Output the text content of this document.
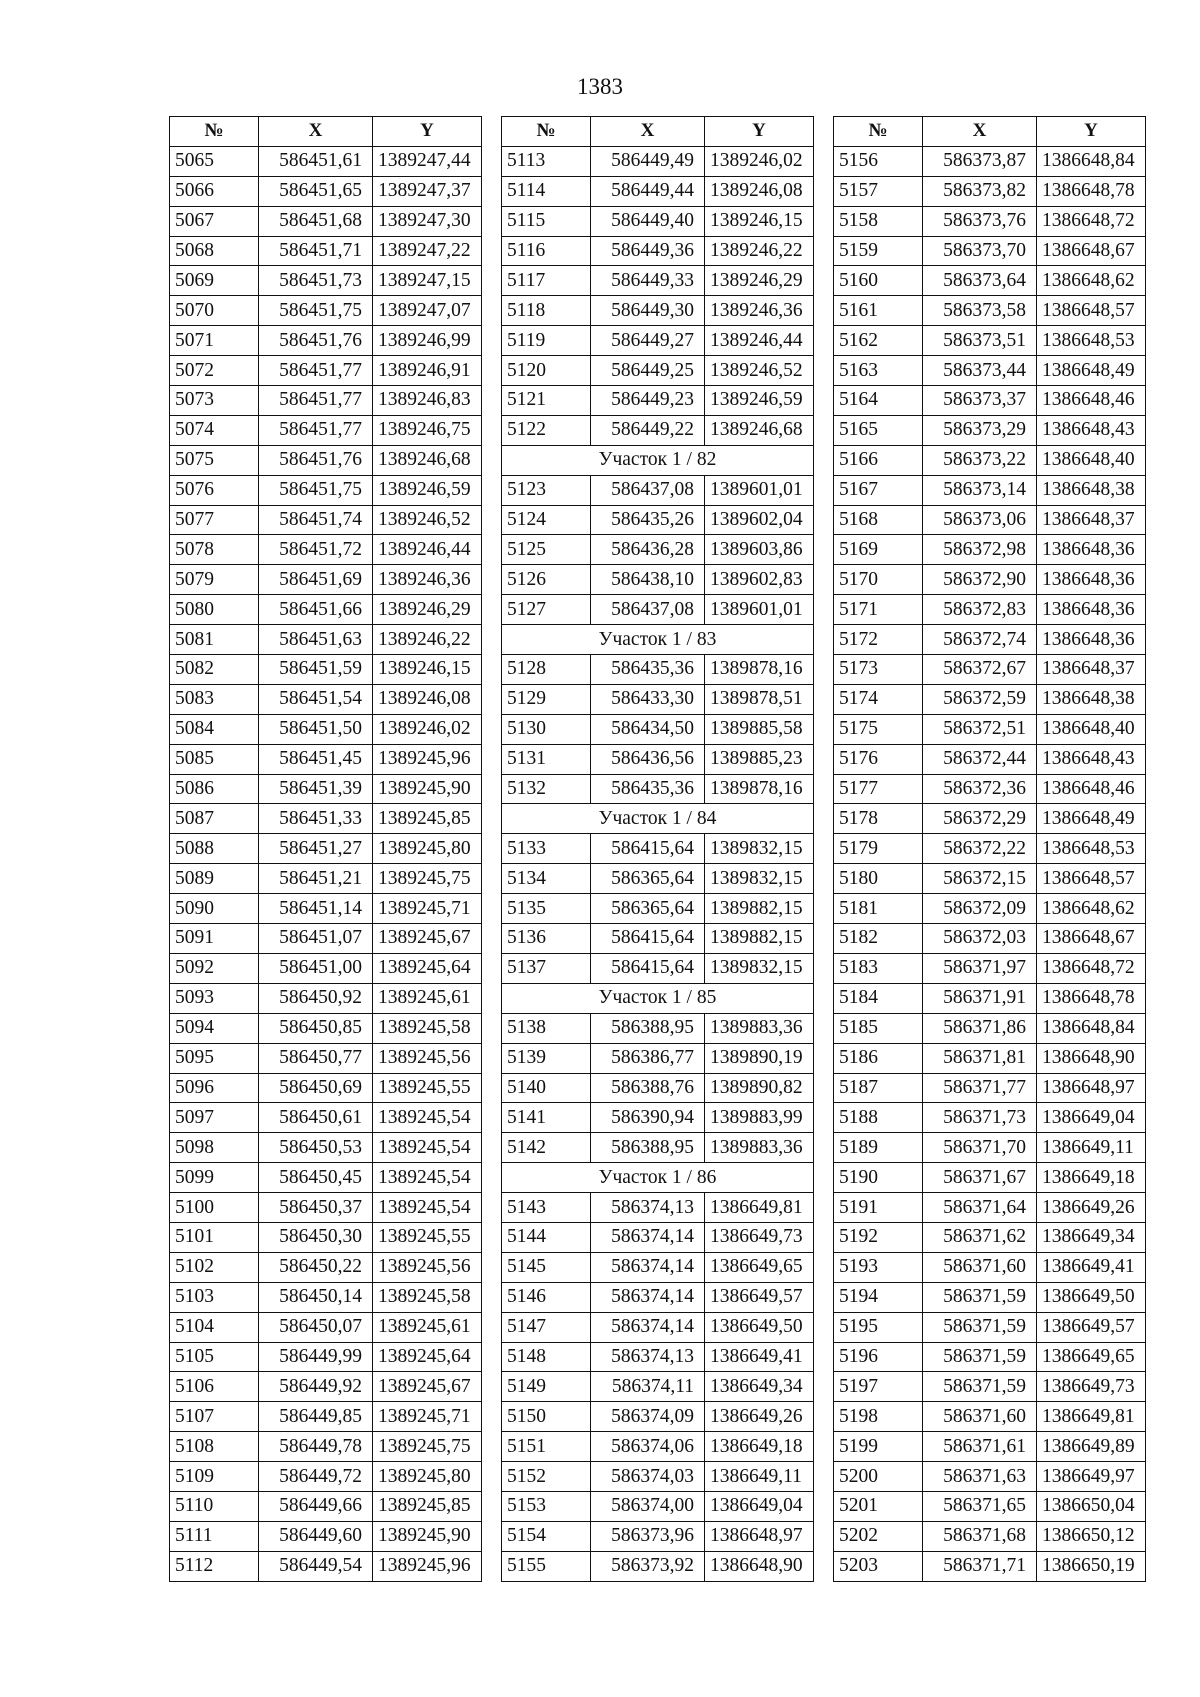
1383
№	X	Y
5065	586451,61	1389247,44
5066	586451,65	1389247,37
5067	586451,68	1389247,30
5068	586451,71	1389247,22
5069	586451,73	1389247,15
5070	586451,75	1389247,07
5071	586451,76	1389246,99
5072	586451,77	1389246,91
5073	586451,77	1389246,83
5074	586451,77	1389246,75
5075	586451,76	1389246,68
5076	586451,75	1389246,59
5077	586451,74	1389246,52
5078	586451,72	1389246,44
5079	586451,69	1389246,36
5080	586451,66	1389246,29
5081	586451,63	1389246,22
5082	586451,59	1389246,15
5083	586451,54	1389246,08
5084	586451,50	1389246,02
5085	586451,45	1389245,96
5086	586451,39	1389245,90
5087	586451,33	1389245,85
5088	586451,27	1389245,80
5089	586451,21	1389245,75
5090	586451,14	1389245,71
5091	586451,07	1389245,67
5092	586451,00	1389245,64
5093	586450,92	1389245,61
5094	586450,85	1389245,58
5095	586450,77	1389245,56
5096	586450,69	1389245,55
5097	586450,61	1389245,54
5098	586450,53	1389245,54
5099	586450,45	1389245,54
5100	586450,37	1389245,54
5101	586450,30	1389245,55
5102	586450,22	1389245,56
5103	586450,14	1389245,58
5104	586450,07	1389245,61
5105	586449,99	1389245,64
5106	586449,92	1389245,67
5107	586449,85	1389245,71
5108	586449,78	1389245,75
5109	586449,72	1389245,80
5110	586449,66	1389245,85
5111	586449,60	1389245,90
5112	586449,54	1389245,96
№	X	Y
5113	586449,49	1389246,02
5114	586449,44	1389246,08
5115	586449,40	1389246,15
5116	586449,36	1389246,22
5117	586449,33	1389246,29
5118	586449,30	1389246,36
5119	586449,27	1389246,44
5120	586449,25	1389246,52
5121	586449,23	1389246,59
5122	586449,22	1389246,68
Участок 1 / 82		
5123	586437,08	1389601,01
5124	586435,26	1389602,04
5125	586436,28	1389603,86
5126	586438,10	1389602,83
5127	586437,08	1389601,01
Участок 1 / 83		
5128	586435,36	1389878,16
5129	586433,30	1389878,51
5130	586434,50	1389885,58
5131	586436,56	1389885,23
5132	586435,36	1389878,16
Участок 1 / 84		
5133	586415,64	1389832,15
5134	586365,64	1389832,15
5135	586365,64	1389882,15
5136	586415,64	1389882,15
5137	586415,64	1389832,15
Участок 1 / 85		
5138	586388,95	1389883,36
5139	586386,77	1389890,19
5140	586388,76	1389890,82
5141	586390,94	1389883,99
5142	586388,95	1389883,36
Участок 1 / 86		
5143	586374,13	1386649,81
5144	586374,14	1386649,73
5145	586374,14	1386649,65
5146	586374,14	1386649,57
5147	586374,14	1386649,50
5148	586374,13	1386649,41
5149	586374,11	1386649,34
5150	586374,09	1386649,26
5151	586374,06	1386649,18
5152	586374,03	1386649,11
5153	586374,00	1386649,04
5154	586373,96	1386648,97
5155	586373,92	1386648,90
№	X	Y
5156	586373,87	1386648,84
5157	586373,82	1386648,78
5158	586373,76	1386648,72
5159	586373,70	1386648,67
5160	586373,64	1386648,62
5161	586373,58	1386648,57
5162	586373,51	1386648,53
5163	586373,44	1386648,49
5164	586373,37	1386648,46
5165	586373,29	1386648,43
5166	586373,22	1386648,40
5167	586373,14	1386648,38
5168	586373,06	1386648,37
5169	586372,98	1386648,36
5170	586372,90	1386648,36
5171	586372,83	1386648,36
5172	586372,74	1386648,36
5173	586372,67	1386648,37
5174	586372,59	1386648,38
5175	586372,51	1386648,40
5176	586372,44	1386648,43
5177	586372,36	1386648,46
5178	586372,29	1386648,49
5179	586372,22	1386648,53
5180	586372,15	1386648,57
5181	586372,09	1386648,62
5182	586372,03	1386648,67
5183	586371,97	1386648,72
5184	586371,91	1386648,78
5185	586371,86	1386648,84
5186	586371,81	1386648,90
5187	586371,77	1386648,97
5188	586371,73	1386649,04
5189	586371,70	1386649,11
5190	586371,67	1386649,18
5191	586371,64	1386649,26
5192	586371,62	1386649,34
5193	586371,60	1386649,41
5194	586371,59	1386649,50
5195	586371,59	1386649,57
5196	586371,59	1386649,65
5197	586371,59	1386649,73
5198	586371,60	1386649,81
5199	586371,61	1386649,89
5200	586371,63	1386649,97
5201	586371,65	1386650,04
5202	586371,68	1386650,12
5203	586371,71	1386650,19
